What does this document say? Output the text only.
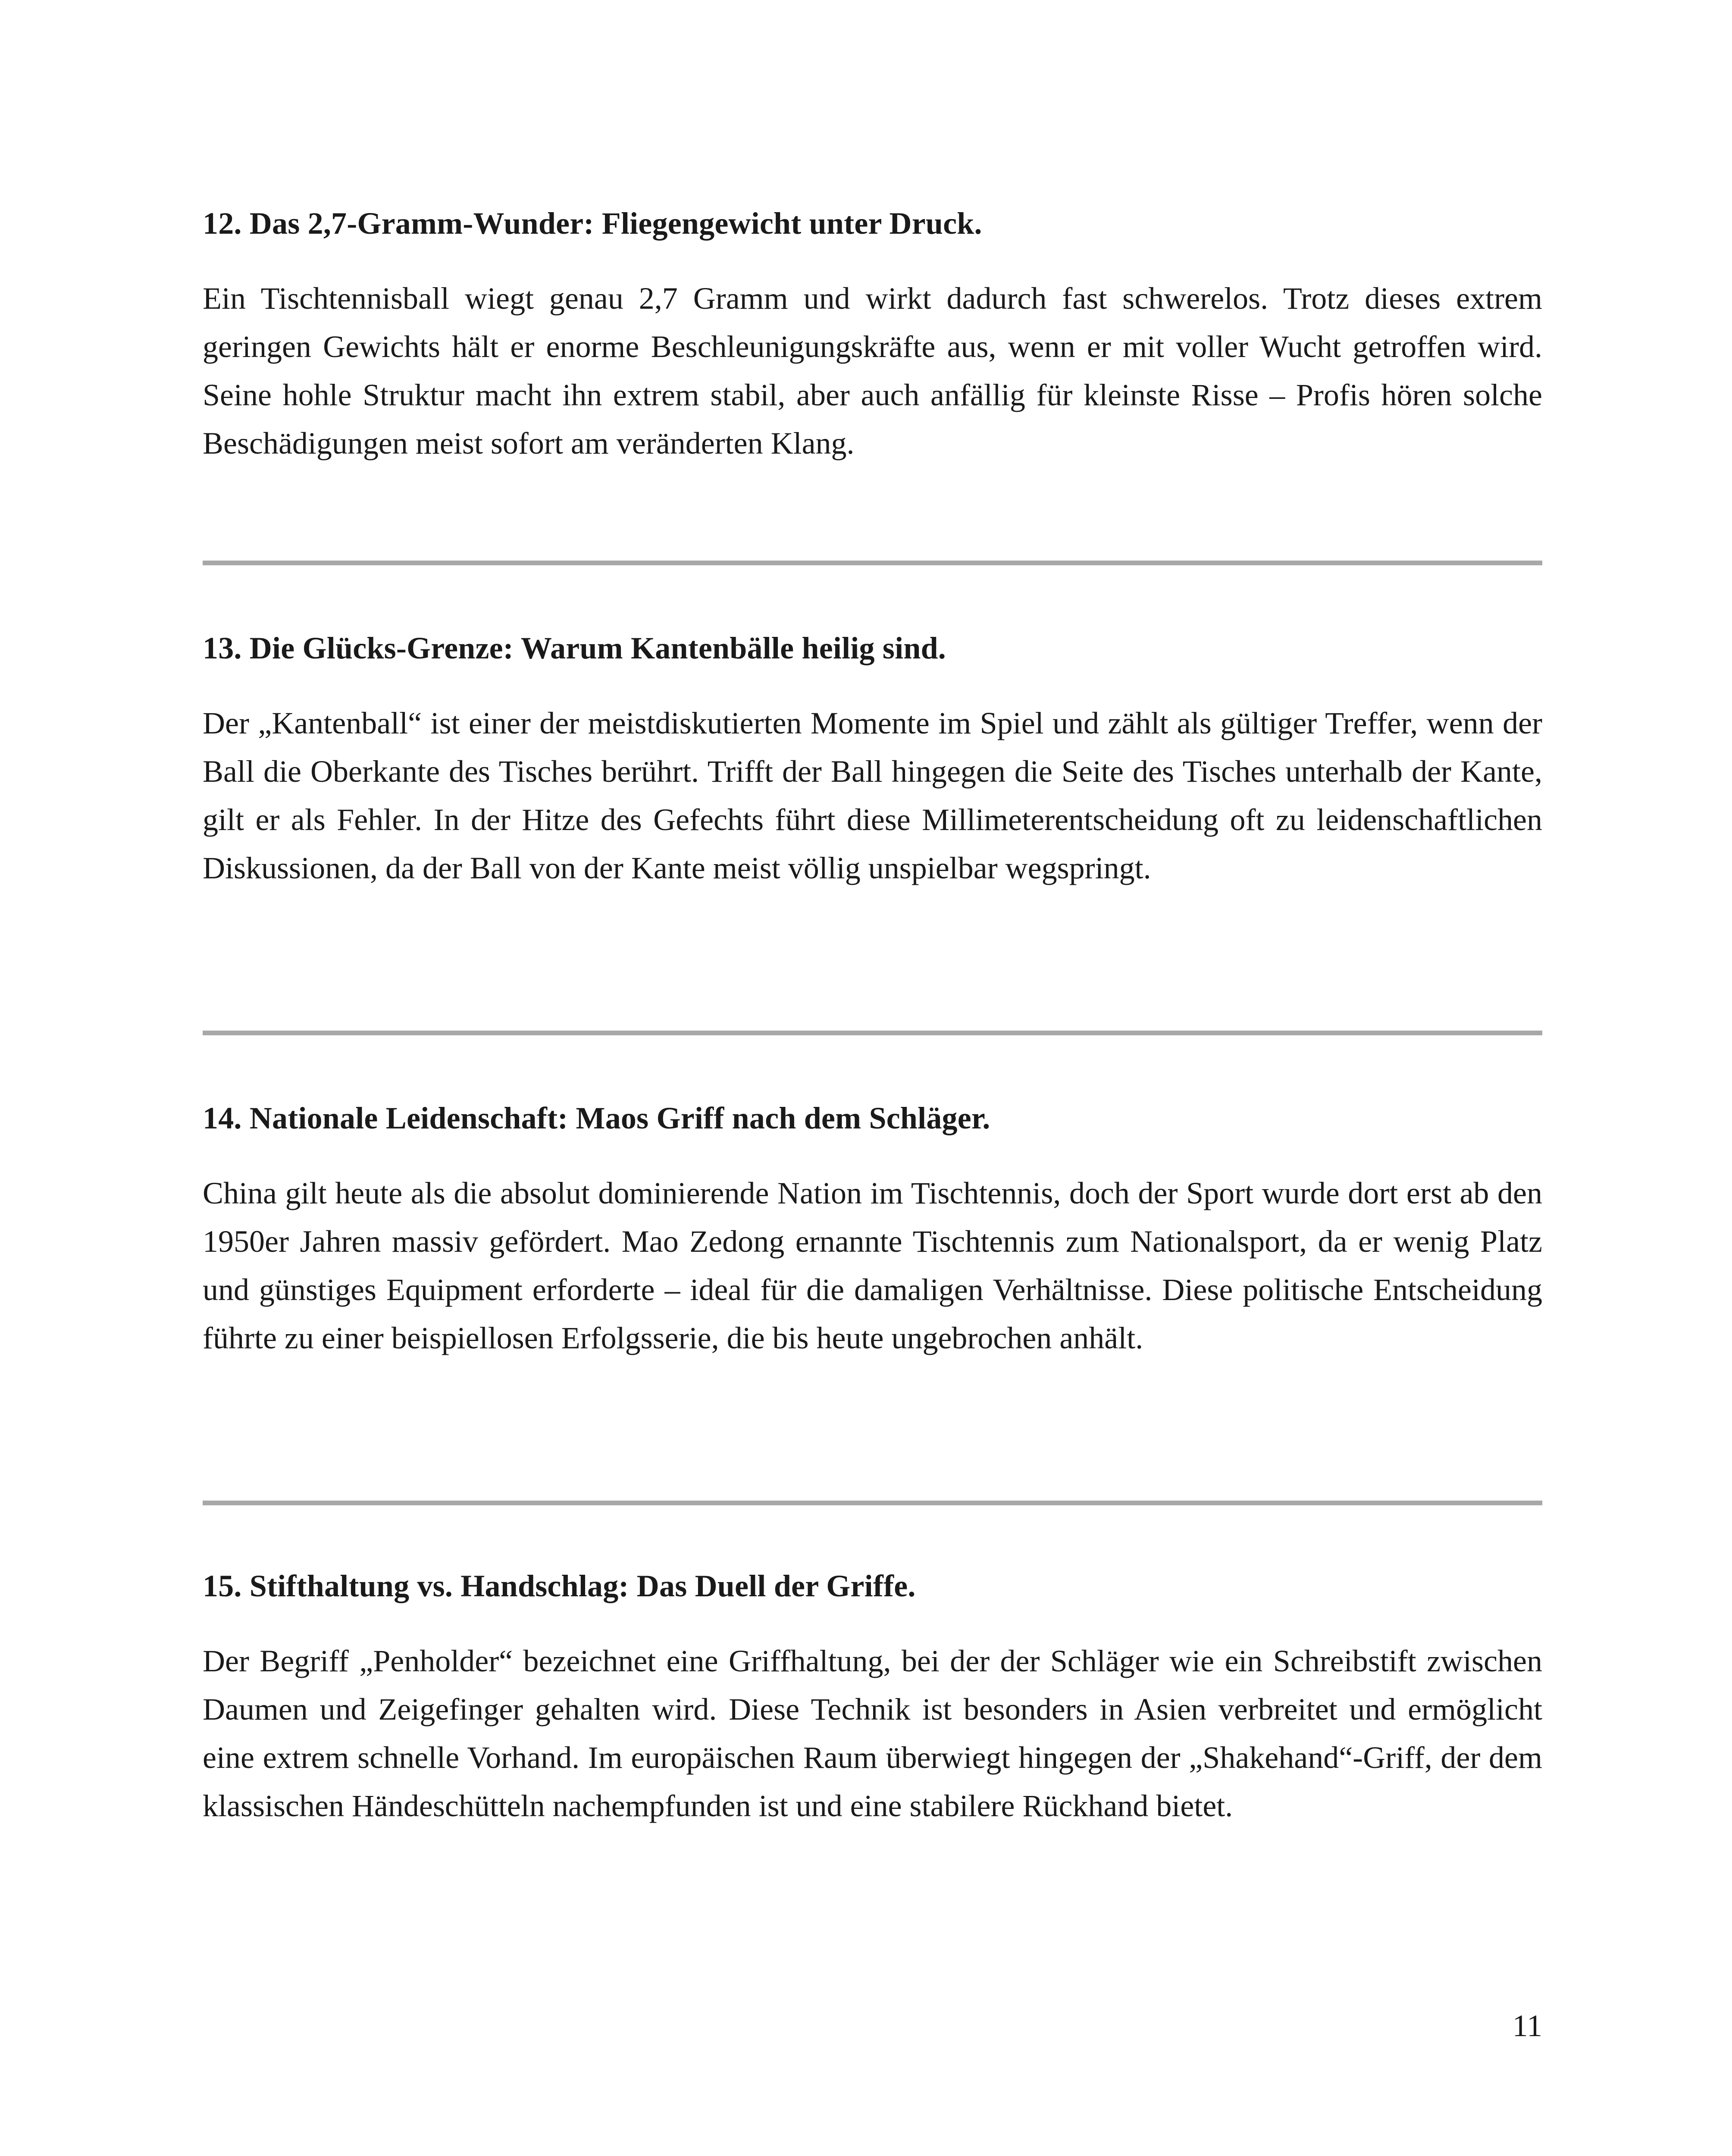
12. Das 2,7-Gramm-Wunder: Fliegengewicht unter Druck.

Ein Tischtennisball wiegt genau 2,7 Gramm und wirkt dadurch fast schwerelos. Trotz dieses extrem geringen Gewichts hält er enorme Beschleunigungskräfte aus, wenn er mit voller Wucht getroffen wird. Seine hohle Struktur macht ihn extrem stabil, aber auch anfällig für kleinste Risse – Profis hören solche Beschädigungen meist sofort am veränderten Klang.

13. Die Glücks-Grenze: Warum Kantenbälle heilig sind.

Der „Kantenball“ ist einer der meistdiskutierten Momente im Spiel und zählt als gültiger Treffer, wenn der Ball die Oberkante des Tisches berührt. Trifft der Ball hingegen die Seite des Tisches unterhalb der Kante, gilt er als Fehler. In der Hitze des Gefechts führt diese Millimeterentscheidung oft zu leidenschaftlichen Diskussionen, da der Ball von der Kante meist völlig unspielbar wegspringt.

14. Nationale Leidenschaft: Maos Griff nach dem Schläger.

China gilt heute als die absolut dominierende Nation im Tischtennis, doch der Sport wurde dort erst ab den 1950er Jahren massiv gefördert. Mao Zedong ernannte Tischtennis zum Nationalsport, da er wenig Platz und günstiges Equipment erforderte – ideal für die damaligen Verhältnisse. Diese politische Entscheidung führte zu einer beispiellosen Erfolgsserie, die bis heute ungebrochen anhält.

15. Stifthaltung vs. Handschlag: Das Duell der Griffe.

Der Begriff „Penholder“ bezeichnet eine Griffhaltung, bei der der Schläger wie ein Schreibstift zwischen Daumen und Zeigefinger gehalten wird. Diese Technik ist besonders in Asien verbreitet und ermöglicht eine extrem schnelle Vorhand. Im europäischen Raum überwiegt hingegen der „Shakehand“-Griff, der dem klassischen Händeschütteln nachempfunden ist und eine stabilere Rückhand bietet.

11
